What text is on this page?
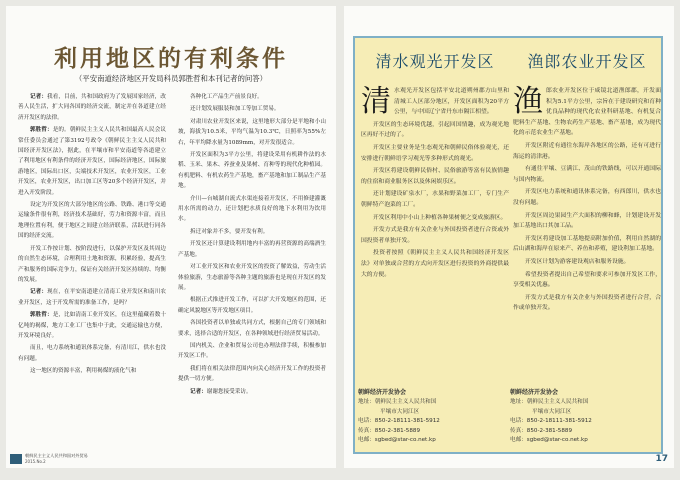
利用地区的有利条件
（平安南道经济地区开发局科员郭胜哲和本刊记者的问答）

记者：我看，目前，共和国政府为了发展国家经济，改善人民生活，扩大同各国的经济交流，制定并在各道建立经济开发区的法律。

郭胜哲：是的。朝鲜民主主义人民共和国最高人民会议常任委员会通过了第3192号政令《朝鲜民主主义人民共和国经济开发区法》，据此，在平壤市和平安南道等各道建立了利用地区有利条件的经济开发区，国际经济地区，国际旅游地区，国际出口区，尖端技术开发区，农业开发区，工业开发区，农业开发区，出口加工区等20多个经济开发区，并进入开发阶段。

设定为开发区的大部分地区的公路、铁路、港口等交通运输条件很有利，经济技术基础好，劳力和资源丰富，而且地理位置有利，便于地区之间建立经济联系，活跃进行同各国的经济交流。

开发工作按计划、按阶段进行，以保护开发区及其周边的自然生态环境，合理利用土地和资源，积累经验，提高生产和服务的国际竞争力，保证有关经济开发区持续的、均衡的发展。

记者：现在，在平安南道建立清南工业开发区和南川农业开发区，这于开发所需的准备工作，是吗？

郭胜哲：是，比如清南工业开发区，在这里蕴藏着数十亿吨的褐煤，地方工业工厂也集中于此，交通运输也方便，开发环境良好。

而且，电力系统和通讯体系完备，有清川江，供水也没有问题。

这一地区的资源丰富，利用褐煤的液化气和

各种化工产品生产前景良好。

还计划发展服装和加工等加工贸易。

对肃川农业开发区来说，这里地形大部分是平地和小山坡，海拔为10.5米，平均气温为10.3℃，日照率为55%左右，年平均降水量为1089mm，对开发很适合。

开发区面积为3平方公里，将建设采用有机耕作法的水稻、玉米、果木、养蚕业及果树、育种等的现代化种植园。有机肥料、有机农药生产基地，畜产基地和加工制品生产基地。

介川—台城湖自流式水渠连接着开发区，不用修建灌溉用水所需的动力，还计划把水质良好的地下水利用为饮用水。

拆迁对象并不多，要开发有利。

开发区还计算建设利用地内丰富的再营资源的高端酒生产基地。

对工业开发区和农业开发区的投资了解效益，劳动生活体验旅游，生态旅游等各种主题的旅游也是现在开发区的发展。

根据正式推进开发工作，可以扩大开发地区的范围，还确定风貌地区等开发地区项目。

各国投资者以单独或共同方式，根据自己的专门领域和要求，选择合适的开发区，在各种领域进行经济贸易活动。

国内机关、企业和贸易公司也办理法律手续，积极参加开发区工作。

我们将在相关法律范围内向关心经济开发工作的投资者提供一切方便。

记者：谢谢您接受采访。

朝鲜民主主义人民共和国对外贸易
2015.No.2
清水观光开发区

清水观光开发区包括平安北道朔州郡方山里和清城工人区部分地区，开发区面积为20平方公里，与中国辽宁省丹东市隔江相望。

开发区的生态环境优越，引起回国情趣，成为观光地区再好不过的了。

开发区主要业务是生态观光和朝鲜民俗体验观光，还安排进行朝鲜语学习观光等多种形式的观光。

开发区将建设朝鲜民俗村、民俗旅游等富有民族情趣的住宿和商业服务区以及休闲娱乐区。

还计划建设矿泉水厂，水果和野菜加工厂，专门生产朝鲜特产泡菜的工厂。

开发区利用中小山上种植各种果树便之变成旅游区。

开发方式是我方有关企业与外国投资者进行合资或外国投资者单独开发。

投资者按照《朝鲜民主主义人民共和国经济开发区法》对单独或合营的方式向开发区进行投资的外商提供最大的方便。

渔郎农业开发区

渔郎农业开发区位于咸镜北道渔郎郡，开发面积为5.1平方公里，宗旨在于建设研究和育种优良品种的现代化农业科研基地、有机复合肥料生产基地、生物农药生产基地、畜产基地，成为现代化的示范农业生产基地。

开发区附近有通往东海岸各地区的公路，还有可进行海运的清津港。

有通往平壤、豆满江、茂山的铁路线，可以开通国际与国内物流。

开发区电力系统和通讯体系完备，有西郎川，供水也没有问题。

开发区周边果园生产大面积的柳和蜂，计划建设开发加工基地出口其加工品。

开发区将建设加工基地提高附加价值，利用自然湖的后山湖和海岸在原来产、养鱼和养殖，建设利加工基地。

开发区计划为游客建设观店和服务设施。

希望投资者提出自己希望和要求可参加开发区工作，享受相关优惠。

开发方式是我方有关企业与外国投资者进行合营，合作或单独开发。

朝鲜经济开发协会
地址：朝鲜民主主义人民共和国
平壤市大同江区
电话：850-2-18111-381-5912
传真：850-2-381-5889
电邮：sgbed@star-co.net.kp
朝鲜经济开发协会
地址：朝鲜民主主义人民共和国
平壤市大同江区
电话：850-2-18111-381-5912
传真：850-2-381-5889
电邮：sgbed@star-co.net.kp
17
